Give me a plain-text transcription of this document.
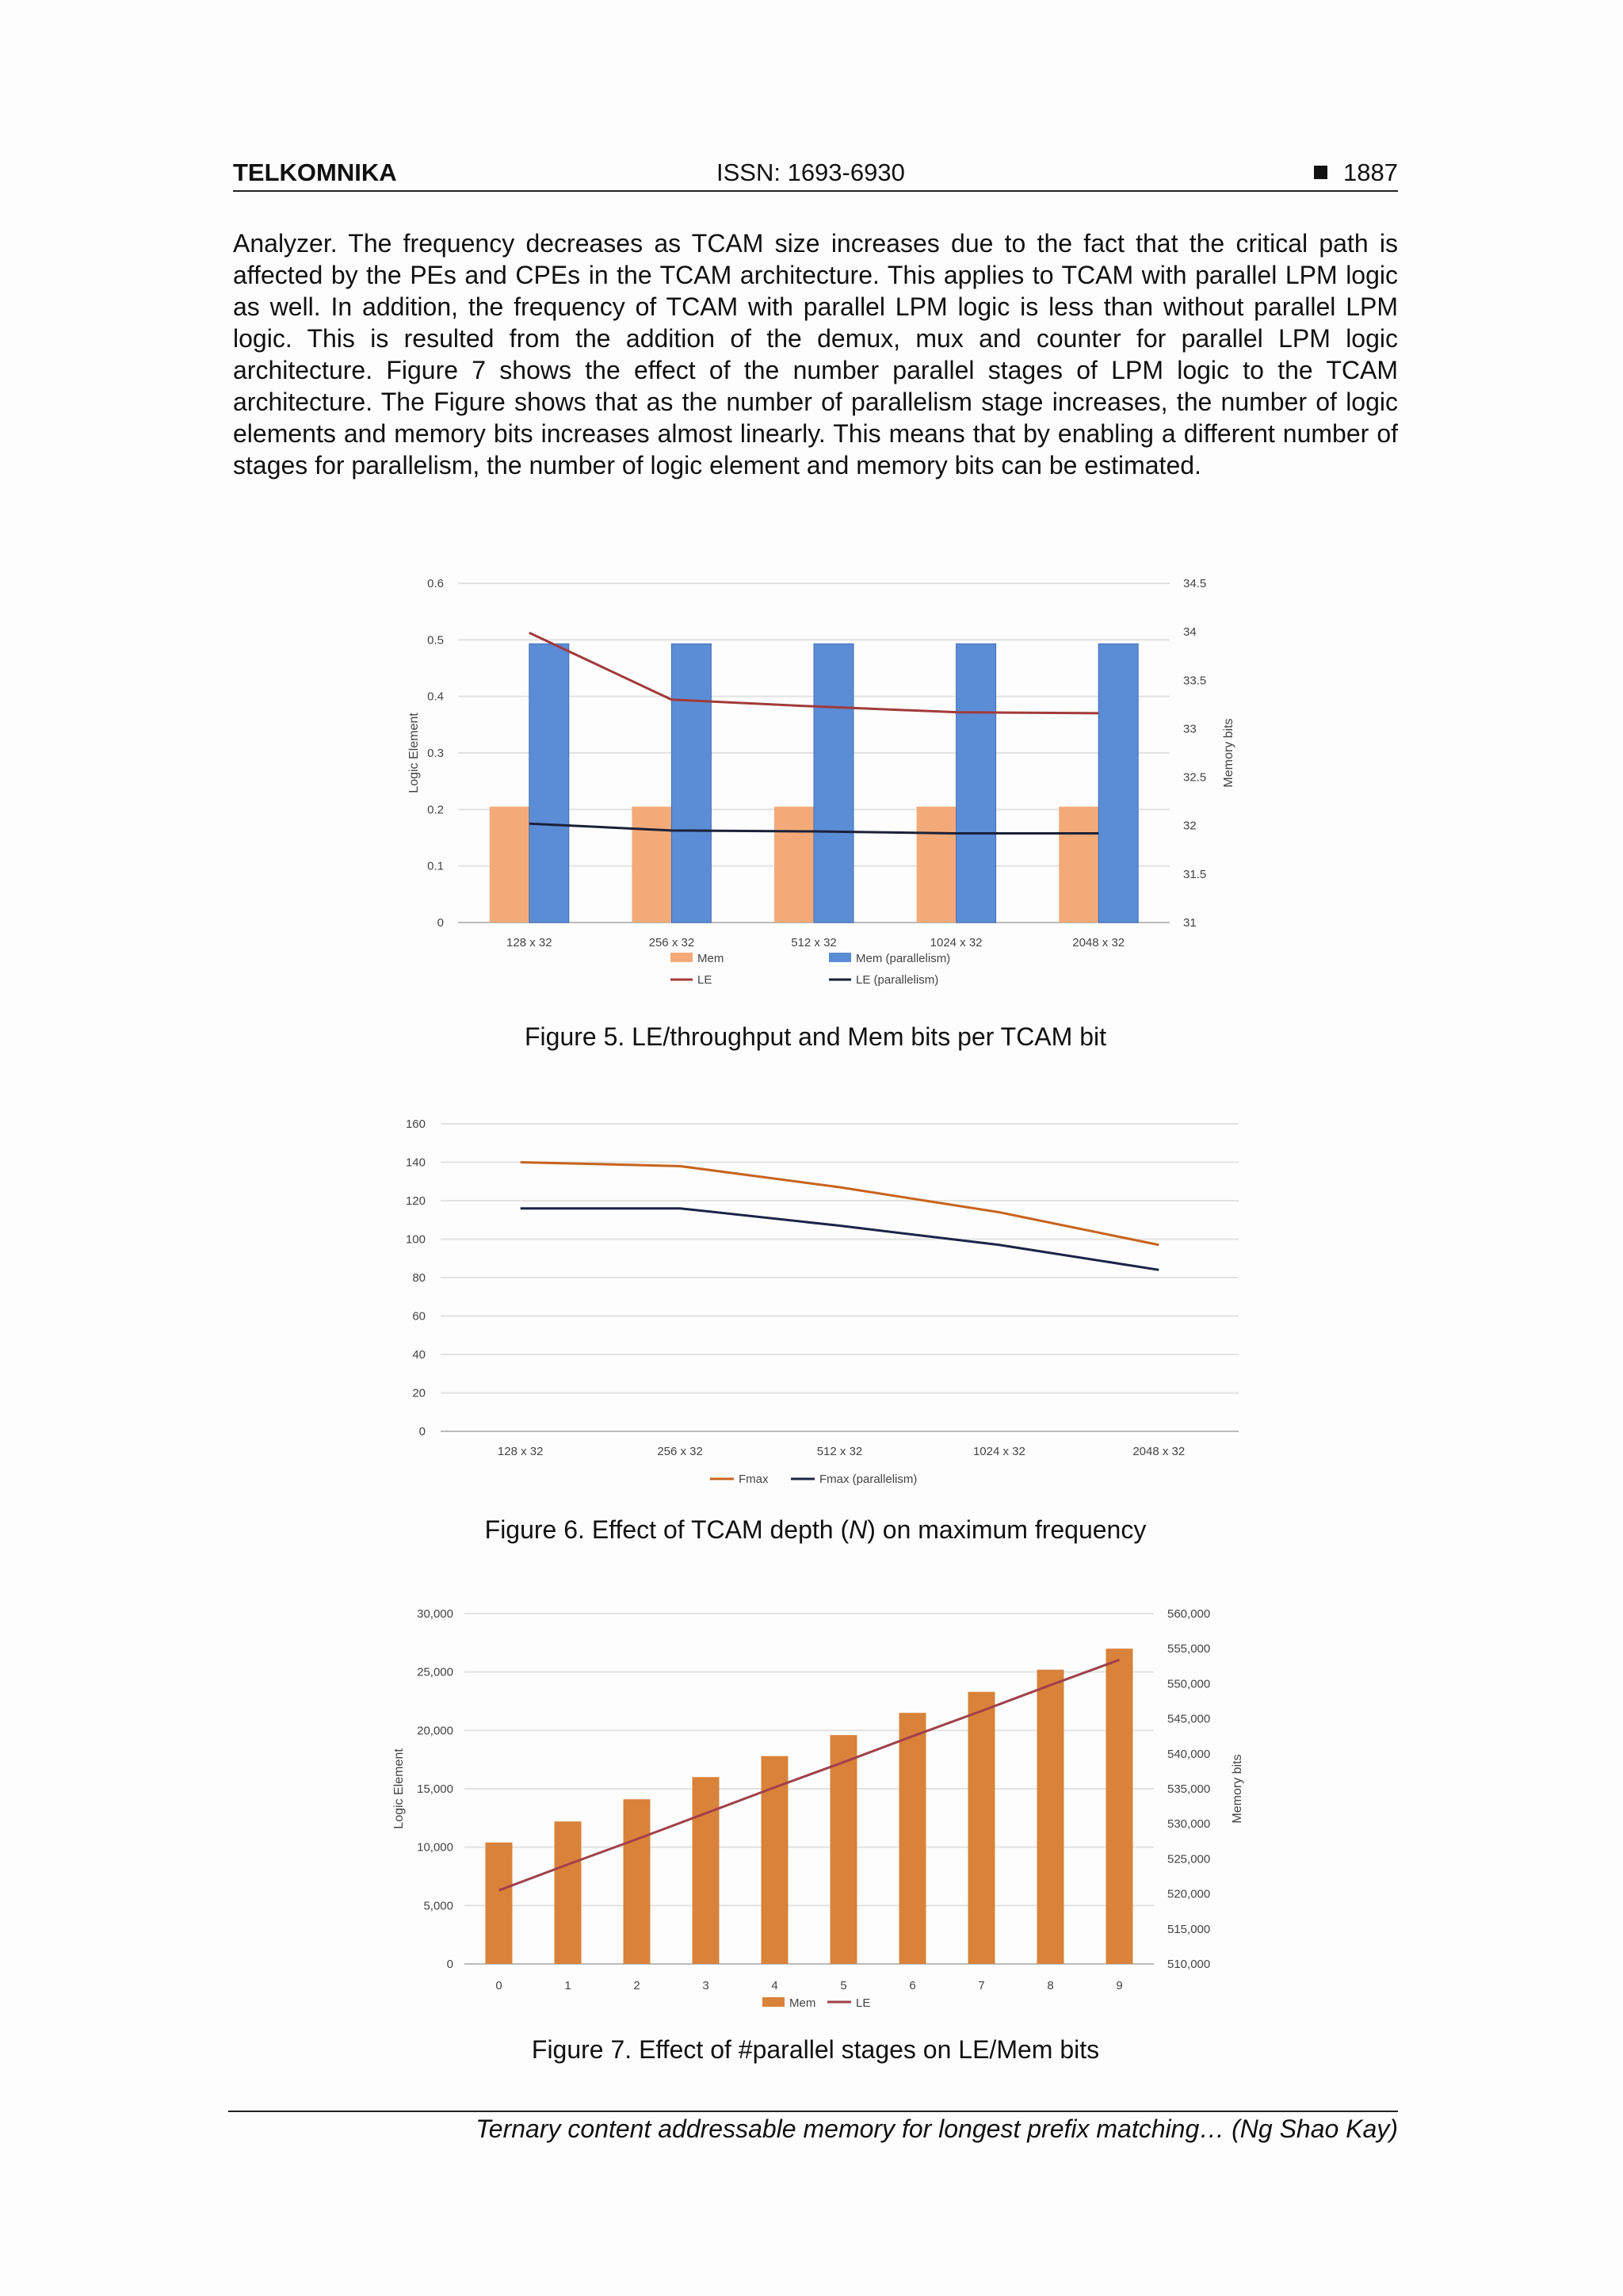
TELKOMNIKA	ISSN: 1693-6930	1887

Analyzer. The frequency decreases as TCAM size increases due to the fact that the critical path is affected by the PEs and CPEs in the TCAM architecture. This applies to TCAM with parallel LPM logic as well. In addition, the frequency of TCAM with parallel LPM logic is less than without parallel LPM logic. This is resulted from the addition of the demux, mux and counter for parallel LPM logic architecture. Figure 7 shows the effect of the number parallel stages of LPM logic to the TCAM architecture. The Figure shows that as the number of parallelism stage increases, the number of logic elements and memory bits increases almost linearly. This means that by enabling a different number of stages for parallelism, the number of logic element and memory bits can be estimated.

0
0.1
0.2
0.3
0.4
0.5
0.6
31
31.5
32
32.5
33
33.5
34
34.5
Logic Element	Memory bits
128 x 32	256 x 32	512 x 32	1024 x 32	2048 x 32
Mem	Mem (parallelism)
LE	LE (parallelism)
Figure 5. LE/throughput and Mem bits per TCAM bit
0
20
40
60
80
100
120
140
160
128 x 32	256 x 32	512 x 32	1024 x 32	2048 x 32
Fmax	Fmax (parallelism)
Figure 6. Effect of TCAM depth (N) on maximum frequency
0
5,000
10,000
15,000
20,000
25,000
30,000
510,000
515,000
520,000
525,000
530,000
535,000
540,000
545,000
550,000
555,000
560,000
Logic Element	Memory bits
0	1	2	3	4	5	6	7	8	9
Mem	LE
Figure 7. Effect of #parallel stages on LE/Mem bits
Ternary content addressable memory for longest prefix matching… (Ng Shao Kay)
